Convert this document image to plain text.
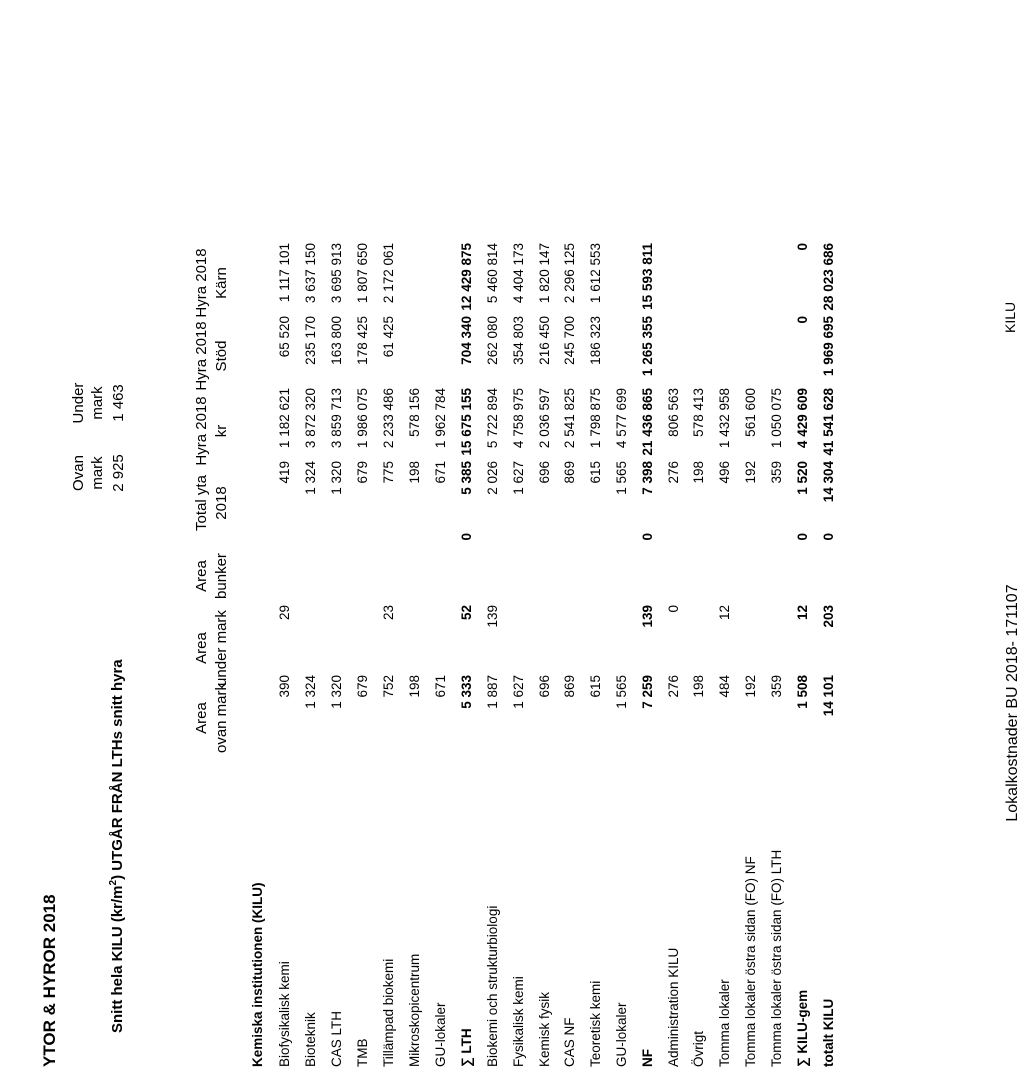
YTOR & HYROR 2018	Snitt hela KILU $(kr/m^2)$ UTGÅR FRÅN LTHs snitt hyra
Ovan mark 2 925
Under mark 1 463
KILU
Area ovan mark
Area under mark
Area bunker
Total yta 2018
Hyra 2018 kr
Hyra 2018 Stöd
Hyra 2018 Kärn
Kemiska institutionen (KILU) Biofysikalisk kemi
390
29
419
1 182 621
65 520
1 117 101
Bioteknik
1 324
1 324
3 872 320
235 170
3 637 150
CAS LTH
1 320
1 320
3 859 713
163 800
3 695 913
TMB
679
679
1 986 075
178 425
1 807 650
Tillämpad biokemi
752
23
775
2 233 486
61 425
2 172 061
Mikroskopicentrum
198
198
578 156
GU-lokaler
671
671
1 962 784
∑ LTH
5 333
52
0
5 385
15 675 155
704 340
12 429 875
Biokemi och strukturbiologi
1 887
139
2 026
5 722 894
262 080
5 460 814
Fysikalisk kemi
1 627
1 627
4 758 975
354 803
4 404 173
Kemisk fysik
696
696
2 036 597
216 450
1 820 147
CAS NF
869
869
2 541 825
245 700
2 296 125
Teoretisk kemi
615
615
1 798 875
186 323
1 612 553
GU-lokaler
1 565
1 565
4 577 699
NF
7 259
139
0
7 398
21 436 865
1 265 355
15 593 811
Administration KILU
276
0
276
806 563
Övrigt
198
198
578 413
Tomma lokaler
484
12
496
1 432 958
Tomma lokaler östra sidan (FO) NF
192
192
561 600
Tomma lokaler östra sidan (FO) LTH
359
359
1 050 075
∑ KILU-gem
1 508
12
0
1 520
4 429 609
0
0
totalt KILU
14 101
203
0
14 304
41 541 628
1 969 695
28 023 686
Lokalkostnader BU 2018- 171107
